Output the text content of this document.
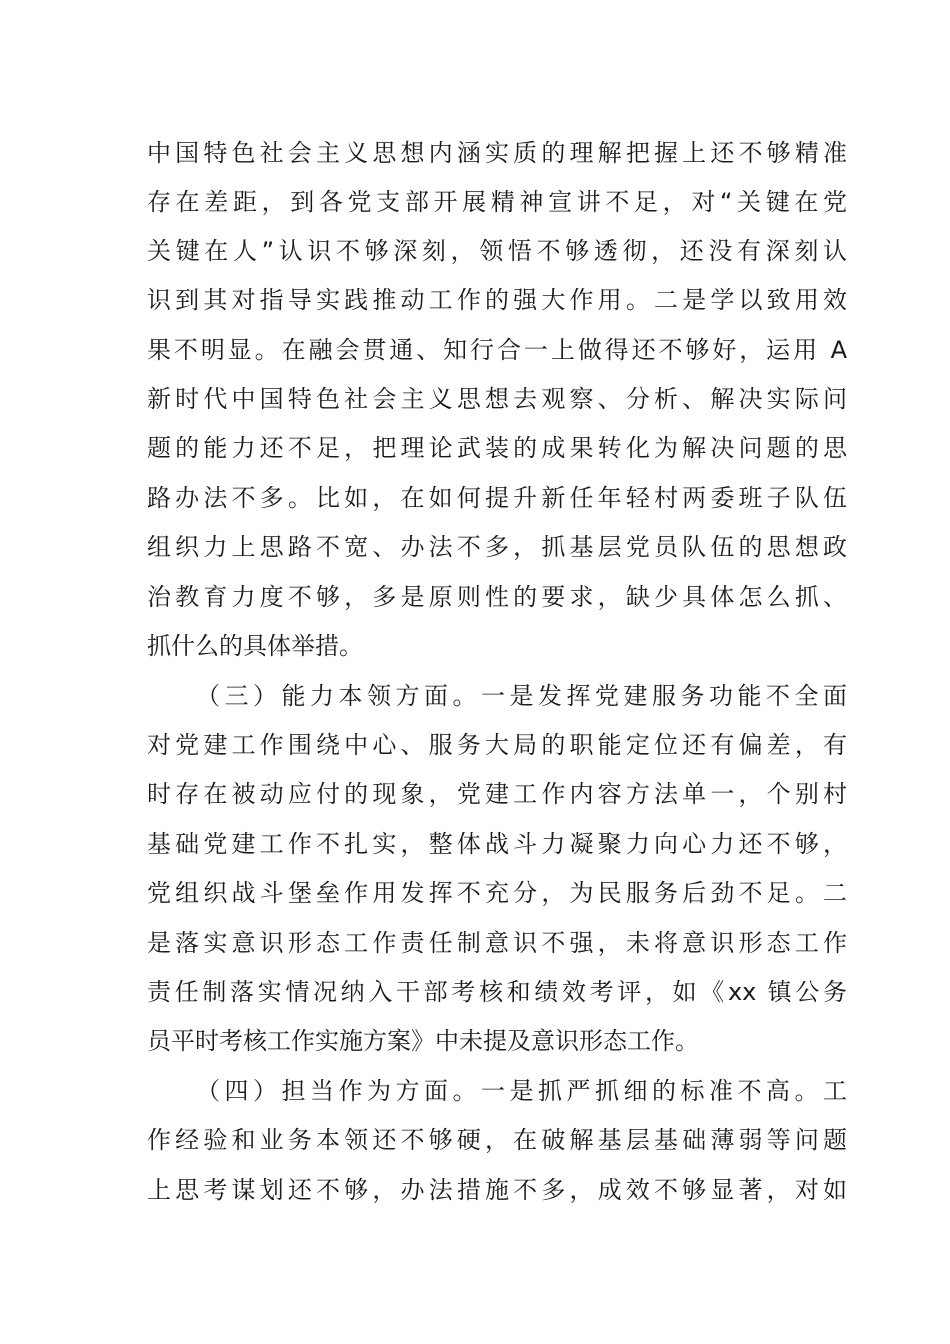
中国特色社会主义思想内涵实质的理解把握上还不够精准
存在差距，到各党支部开展精神宣讲不足，对“关键在党
关键在人”认识不够深刻，领悟不够透彻，还没有深刻认
识到其对指导实践推动工作的强大作用。二是学以致用效
果不明显。在融会贯通、知行合一上做得还不够好，运用 A
新时代中国特色社会主义思想去观察、分析、解决实际问
题的能力还不足，把理论武装的成果转化为解决问题的思
路办法不多。比如，在如何提升新任年轻村两委班子队伍
组织力上思路不宽、办法不多，抓基层党员队伍的思想政
治教育力度不够，多是原则性的要求，缺少具体怎么抓、
抓什么的具体举措。
（三）能力本领方面。一是发挥党建服务功能不全面
对党建工作围绕中心、服务大局的职能定位还有偏差，有
时存在被动应付的现象，党建工作内容方法单一，个别村
基础党建工作不扎实，整体战斗力凝聚力向心力还不够，
党组织战斗堡垒作用发挥不充分，为民服务后劲不足。二
是落实意识形态工作责任制意识不强，未将意识形态工作
责任制落实情况纳入干部考核和绩效考评，如《xx 镇公务
员平时考核工作实施方案》中未提及意识形态工作。
（四）担当作为方面。一是抓严抓细的标准不高。工
作经验和业务本领还不够硬，在破解基层基础薄弱等问题
上思考谋划还不够，办法措施不多，成效不够显著，对如
